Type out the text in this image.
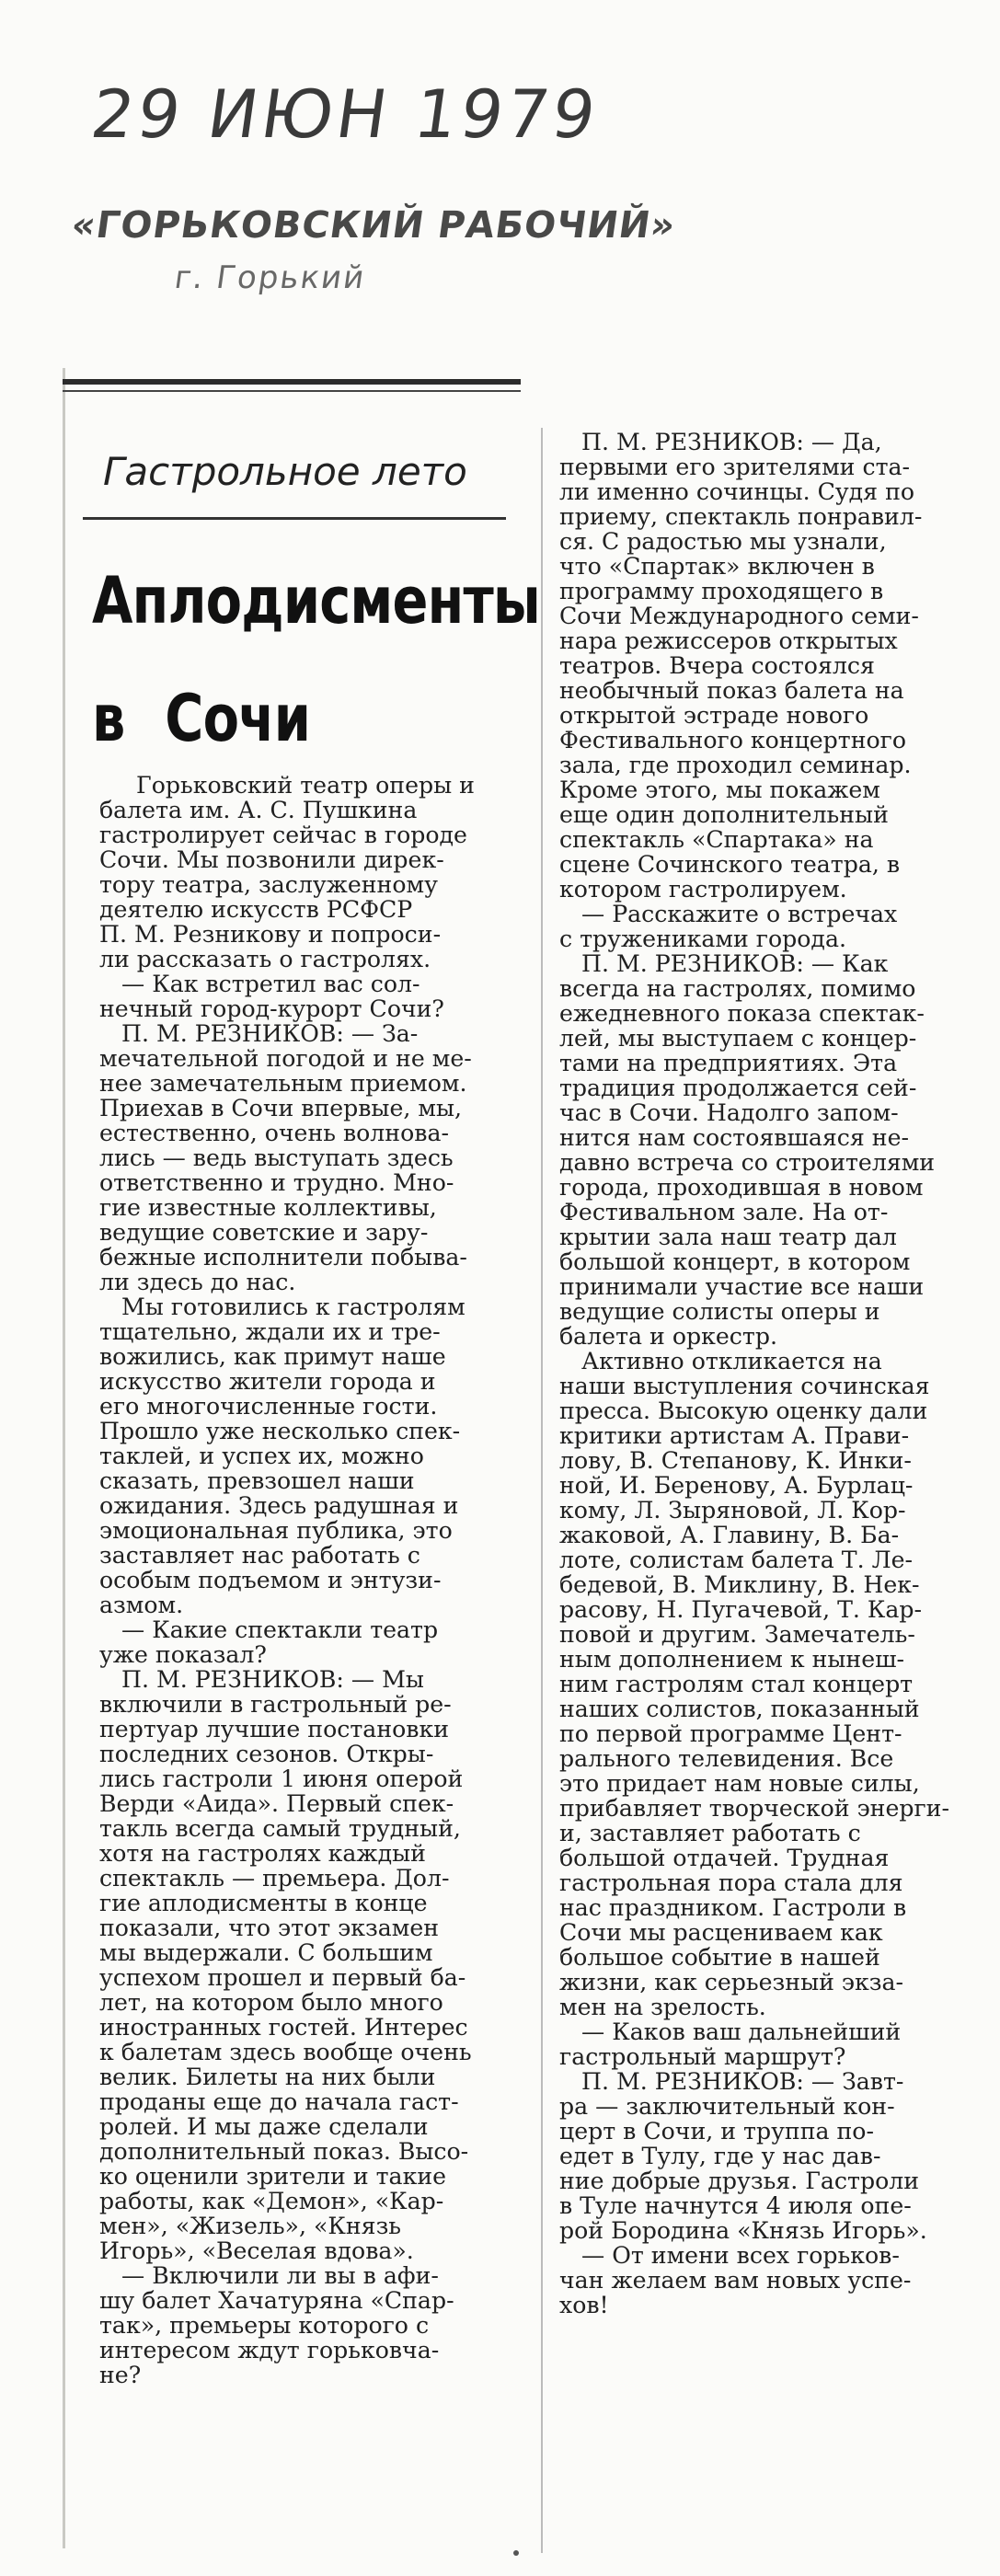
29 ИЮН 1979
«ГОРЬКОВСКИЙ РАБОЧИЙ»
г. Горький
Гастрольное лето
Аплодисменты
в Сочи
Горьковский театр оперы и
балета им. А. С. Пушкина
гастролирует сейчас в городе
Сочи. Мы позвонили дирек-
тору театра, заслуженному
деятелю искусств РСФСР
П. М. Резникову и попроси-
ли рассказать о гастролях.
— Как встретил вас сол-
нечный город-курорт Сочи?
П. М. РЕЗНИКОВ: — За-
мечательной погодой и не ме-
нее замечательным приемом.
Приехав в Сочи впервые, мы,
естественно, очень волнова-
лись — ведь выступать здесь
ответственно и трудно. Мно-
гие известные коллективы,
ведущие советские и зару-
бежные исполнители побыва-
ли здесь до нас.
Мы готовились к гастролям
тщательно, ждали их и тре-
вожились, как примут наше
искусство жители города и
его многочисленные гости.
Прошло уже несколько спек-
таклей, и успех их, можно
сказать, превзошел наши
ожидания. Здесь радушная и
эмоциональная публика, это
заставляет нас работать с
особым подъемом и энтузи-
азмом.
— Какие спектакли театр
уже показал?
П. М. РЕЗНИКОВ: — Мы
включили в гастрольный ре-
пертуар лучшие постановки
последних сезонов. Откры-
лись гастроли 1 июня оперой
Верди «Аида». Первый спек-
такль всегда самый трудный,
хотя на гастролях каждый
спектакль — премьера. Дол-
гие аплодисменты в конце
показали, что этот экзамен
мы выдержали. С большим
успехом прошел и первый ба-
лет, на котором было много
иностранных гостей. Интерес
к балетам здесь вообще очень
велик. Билеты на них были
проданы еще до начала гаст-
ролей. И мы даже сделали
дополнительный показ. Высо-
ко оценили зрители и такие
работы, как «Демон», «Кар-
мен», «Жизель», «Князь
Игорь», «Веселая вдова».
— Включили ли вы в афи-
шу балет Хачатуряна «Спар-
так», премьеры которого с
интересом ждут горьковча-
не?
П. М. РЕЗНИКОВ: — Да,
первыми его зрителями ста-
ли именно сочинцы. Судя по
приему, спектакль понравил-
ся. С радостью мы узнали,
что «Спартак» включен в
программу проходящего в
Сочи Международного семи-
нара режиссеров открытых
театров. Вчера состоялся
необычный показ балета на
открытой эстраде нового
Фестивального концертного
зала, где проходил семинар.
Кроме этого, мы покажем
еще один дополнительный
спектакль «Спартака» на
сцене Сочинского театра, в
котором гастролируем.
— Расскажите о встречах
с тружениками города.
П. М. РЕЗНИКОВ: — Как
всегда на гастролях, помимо
ежедневного показа спектак-
лей, мы выступаем с концер-
тами на предприятиях. Эта
традиция продолжается сей-
час в Сочи. Надолго запом-
нится нам состоявшаяся не-
давно встреча со строителями
города, проходившая в новом
Фестивальном зале. На от-
крытии зала наш театр дал
большой концерт, в котором
принимали участие все наши
ведущие солисты оперы и
балета и оркестр.
Активно откликается на
наши выступления сочинская
пресса. Высокую оценку дали
критики артистам А. Прави-
лову, В. Степанову, К. Инки-
ной, И. Беренову, А. Бурлац-
кому, Л. Зыряновой, Л. Кор-
жаковой, А. Главину, В. Ба-
лоте, солистам балета Т. Ле-
бедевой, В. Миклину, В. Нек-
расову, Н. Пугачевой, Т. Кар-
повой и другим. Замечатель-
ным дополнением к нынеш-
ним гастролям стал концерт
наших солистов, показанный
по первой программе Цент-
рального телевидения. Все
это придает нам новые силы,
прибавляет творческой энерги-
и, заставляет работать с
большой отдачей. Трудная
гастрольная пора стала для
нас праздником. Гастроли в
Сочи мы расцениваем как
большое событие в нашей
жизни, как серьезный экза-
мен на зрелость.
— Каков ваш дальнейший
гастрольный маршрут?
П. М. РЕЗНИКОВ: — Завт-
ра — заключительный кон-
церт в Сочи, и труппа по-
едет в Тулу, где у нас дав-
ние добрые друзья. Гастроли
в Туле начнутся 4 июля опе-
рой Бородина «Князь Игорь».
— От имени всех горьков-
чан желаем вам новых успе-
хов!
